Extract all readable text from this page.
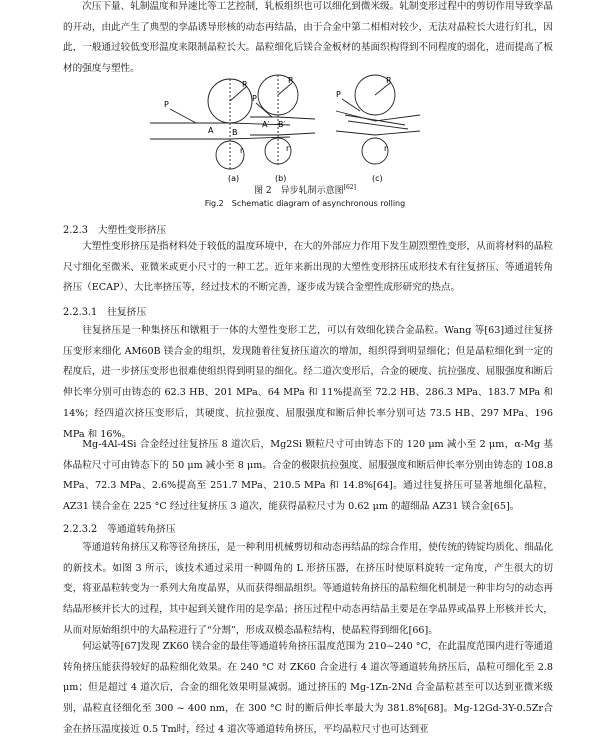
次压下量、轧制温度和异速比等工艺控制，轧板组织也可以细化到微米级。轧制变形过程中的剪切作用导致孪晶的开动，由此产生了典型的孪晶诱导形核的动态再结晶，由于合金中第二相相对较少，无法对晶粒长大进行钉扎，因此，一般通过较低变形温度来限制晶粒长大。晶粒细化后镁合金板材的基面织构得到不同程度的弱化，进而提高了板材的强度与塑性。

(a)	(b)	(c)
P
R
r
A B
P
R
r
A′ B′
P
R
r

图 2　异步轧制示意图[62]

Fig.2　Schematic diagram of asynchronous rolling

2.2.3　大塑性变形挤压

大塑性变形挤压是指材料处于较低的温度环境中，在大的外部应力作用下发生剧烈塑性变形，从而将材料的晶粒尺寸细化至微米、亚微米或更小尺寸的一种工艺。近年来新出现的大塑性变形挤压成形技术有往复挤压、等通道转角挤压（ECAP）、大比率挤压等，经过技术的不断完善，逐步成为镁合金塑性成形研究的热点。

2.2.3.1　往复挤压

往复挤压是一种集挤压和镦粗于一体的大塑性变形工艺，可以有效细化镁合金晶粒。Wang 等[63]通过往复挤压变形来细化 AM60B 镁合金的组织，发现随着往复挤压道次的增加，组织得到明显细化；但是晶粒细化到一定的程度后，进一步挤压变形也很难使组织得到明显的细化。经二道次变形后，合金的硬度、抗拉强度、屈服强度和断后伸长率分别可由铸态的 62.3 HB、201 MPa、64 MPa 和 11%提高至 72.2 HB、286.3 MPa、183.7 MPa 和 14%；经四道次挤压变形后，其硬度、抗拉强度、屈服强度和断后伸长率分别可达 73.5 HB、297 MPa、196 MPa 和 16%。

Mg-4Al-4Si 合金经过往复挤压 8 道次后，Mg2Si 颗粒尺寸可由铸态下的 120 μm 减小至 2 μm，α-Mg 基体晶粒尺寸可由铸态下的 50 μm 减小至 8 μm。合金的极限抗拉强度、屈服强度和断后伸长率分别由铸态的 108.8 MPa、72.3 MPa、2.6%提高至 251.7 MPa、210.5 MPa 和 14.8%[64]。通过往复挤压可显著地细化晶粒，AZ31 镁合金在 225 °C 经过往复挤压 3 道次，能获得晶粒尺寸为 0.62 μm 的超细晶 AZ31 镁合金[65]。

2.2.3.2　等通道转角挤压

等通道转角挤压又称等径角挤压，是一种利用机械剪切和动态再结晶的综合作用，使传统的铸锭均质化、细晶化的新技术。如图 3 所示，该技术通过采用一种圆角的 L 形挤压器，在挤压时使原料旋转一定角度，产生很大的切变，将亚晶粒转变为一系列大角度晶界，从而获得细晶组织。等通道转角挤压的晶粒细化机制是一种非均匀的动态再结晶形核并长大的过程，其中起到关键作用的是孪晶；挤压过程中动态再结晶主要是在孪晶界或晶界上形核并长大，从而对原始组织中的大晶粒进行了“分割”，形成双模态晶粒结构，使晶粒得到细化[66]。

何运斌等[67]发现 ZK60 镁合金的最佳等通道转角挤压温度范围为 210~240 °C，在此温度范围内进行等通道转角挤压能获得较好的晶粒细化效果。在 240 °C 对 ZK60 合金进行 4 道次等通道转角挤压后，晶粒可细化至 2.8 μm；但是超过 4 道次后，合金的细化效果明显减弱。通过挤压的 Mg-1Zn-2Nd 合金晶粒甚至可以达到亚微米级别，晶粒直径细化至 300 ~ 400 nm，在 300 °C 时的断后伸长率最大为 381.8%[68]。Mg-12Gd-3Y-0.5Zr合金在挤压温度接近 0.5 Tm时，经过 4 道次等通道转角挤压，平均晶粒尺寸也可达到亚
